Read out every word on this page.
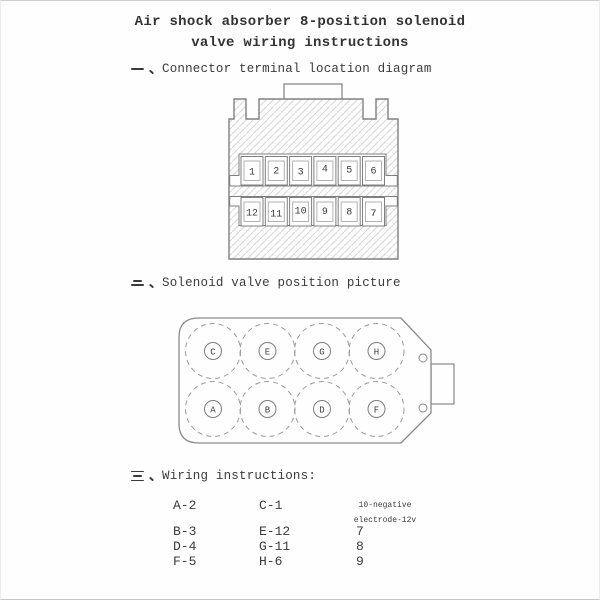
Air shock absorber 8-position solenoid
valve wiring instructions
Connector terminal location diagram
1 2 3 4 5 6
12 11 10 9 8 7
Solenoid valve position picture
C	E	G	H
A	B	D	F
Wiring instructions:
A-2	C-1	10-negative
electrode-12v
B-3	E-12	7
D-4	G-11	8
F-5	H-6	9
